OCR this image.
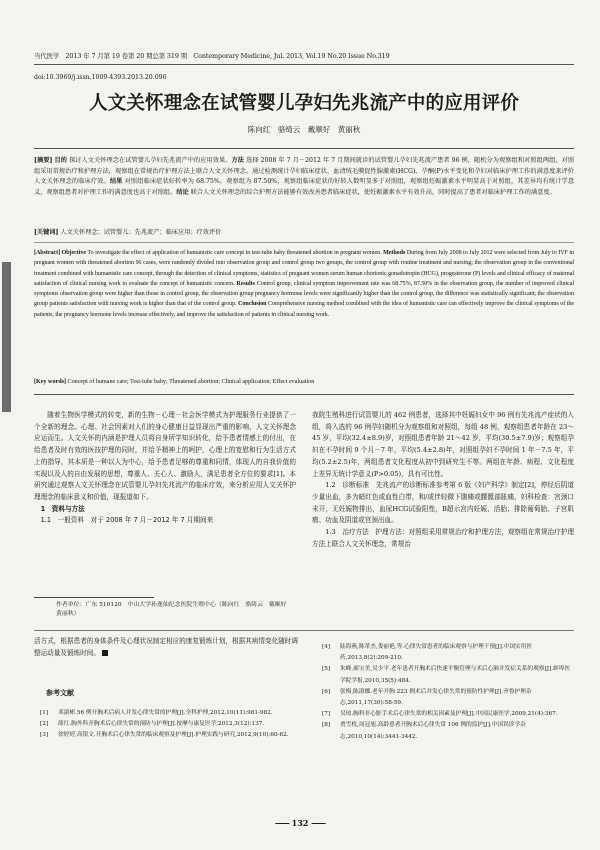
当代医学　2013 年 7 月第 19 卷第 20 期总第 319 期　Contemporary Medicine, Jul. 2013, Vol.19 No.20 Issue No.319
doi:10.3969/j.issn.1009-4393.2013.20.096
人文关怀理念在试管婴儿孕妇先兆流产中的应用评价
陈向红　骆绮云　戴顺好　黄丽秋
[摘要] 目的 探讨人文关怀理念在试管婴儿孕妇先兆流产中的应用效果。方法 选择 2008 年 7 月－2012 年 7 月期间就诊的试管婴儿孕妇先兆流产患者 96 例，随机分为观察组和对照组两组，对照组采用常规治疗和护理方法，观察组在常规治疗护理方法上联合人文关怀理念。通过检测统计孕妇临床症状、血清绒毛膜促性腺激素(HCG)、孕酮(P)水平变化和孕妇对临床护理工作的满意度来评价人文关怀理念的临床疗效。结果 对照组临床症状好转率为 68.75%，观察组为 87.50%，观察组临床症状的好转人数明显多于对照组，观察组妊娠激素水平明显高于对照组，其差异均有统计学意义，观察组患者对护理工作的满意度也高于对照组。结论 联合人文关怀理念的综合护理方法能够有效改善患者临床症状，使妊娠激素水平有效升高，同时提高了患者对临床护理工作的满意度。
[关键词] 人文关怀理念；试管婴儿；先兆流产；临床应用；疗效评价
[Abstract] Objective To investigate the effect of application of humanistic care concept in test-tube baby threatened abortion in pregnant women. Methods During from July 2008 to July 2012 were selected from July to IVF in pregnant women with threatened abortion 96 cases, were randomly divided into observation group and control group two groups, the control group with routine treatment and nursing; the observation group in the conventional treatment combined with humanistic care concept, through the detection of clinical symptoms, statistics of pregnant women serum human chorionic gonadotropin (HCG), progesterone (P) levels and clinical efficacy of maternal satisfaction of clinical nursing work to evaluate the concept of humanistic concern. Results Control group, clinical symptom improvement rate was 68.75%, 87.50% in the observation group, the number of improved clinical symptoms observation group were higher than those in control group, the observation group pregnancy hormone levels were significantly higher than the control group, the difference was statistically significant; the observation group patients satisfaction with nursing work is higher than that of the control group. Conclusion Comprehensive nursing method combined with the idea of humanistic care can effectively improve the clinical symptoms of the patients, the pregnancy hormone levels increase effectively, and improve the satisfaction of patients in clinical nursing work.
[Key words] Concept of humane care; Test-tube baby; Threatened abortion; Clinical application; Effect evaluation

随着生物医学模式的转变，新的生物－心理－社会医学模式为护理服务行业提供了一个全新的理念。心理、社会因素对人们的身心健康日益显现出严重的影响，人文关怀理念应运而生。人文关怀的内涵是护理人员将自身所学知识转化，给予患者情感上的付出，在给患者及时有效的医技护理的同时，并给予精神上的呵护，心理上的宽慰和行为生活方式上的指导，其本质是一种以人为中心，给予患者足够的尊重和同情，体现人的自我价值的实现以及人的自由发展的思想，尊重人、关心人、激励人，满足患者全方位的要求[1]。本研究通过观察人文关怀理念在试管婴儿孕妇先兆流产的临床疗效，来分析应用人文关怀护理理念的临床意义和价值，现报道如下。

1　资料与方法

1.1　一般资料　对于 2008 年 7 月－2012 年 7 月期间来

我院生殖科进行试管婴儿的 462 例患者，选择其中妊娠妇女中 96 例有先兆流产症状的入组，将入选的 96 例孕妇随机分为观察组和对照组，每组 48 例，观察组患者年龄在 23～45 岁，平均(32.4±8.9)岁，对照组患者年龄 21～42 岁，平均(30.5±7.9)岁；观察组孕妇在不孕时间 9 个月－7 年，平均(5.4±2.8)年，对照组孕妇不孕时间 1 年－7.5 年，平均(5.2±2.5)年，两组患者文化程度从初中到研究生不等。两组在年龄、病程、文化程度上差异无统计学意义(P>0.05)，具有可比性。

1.2　诊断标准　先兆流产的诊断标准参考第 6 版《妇产科学》制定[2]，停经后阴道少量出血，多为暗红色或血性白带，和/或伴轻微下腹痛或腰骶部胀痛，妇科检查：宫颈口未开，无妊娠物排出，血尿HCG试验阳性，B超示宫内妊娠、活胎；排除葡萄胎、子宫肌瘤、功血及阴道或宫颈出血。

1.3　治疗方法　护理方法：对照组采用常规治疗和护理方法，观察组在常规治疗护理方法上联合人文关怀理念，常规治

作者单位：广东 510120　中山大学孙逸仙纪念医院生殖中心（陈向红　骆绮云　戴顺好　黄丽秋）
活方式，根据患者的身体条件及心理状况制定相应的康复锻炼计划，根据其病情变化随时调整运动量及锻炼时间。
参考文献
[1]	邓淑彬.56 例开胸术后病人并发心律失常的护理[J].全科护理,2012,10(11):981-982.
[2]	薛红.胸外科开胸术后心律失常的预防与护理[J].按摩与康复医学,2012,3(12):137.
[3]	徐婷婷,高银文.开胸术后心律失常的临床观察及护理[J].护理实践与研究,2012,9(10):60-62.
[4]	陆海燕,陈革杰,娄丽艳,等.心律失常患者的临床观察与护理干预[J].中国实用医药,2013,8(2):209-210.
[5]	朱峰,郝宝美,吴少平.老年患者开胸术后快速平衡管理与术后心肺并发症关系的观察[J].蚌埠医学院学报,2010,35(5):484.
[6]	张梅,陈淑娜.老年开胸 223 例术后并发心律失常的预防性护理[J].齐鲁护理杂志,2011,17(30):58-59.
[7]	吴琼.胸科非心脏手术后心律失常的相关因素及护理[J].中国民康医学,2009,21(4):367.
[8]	贾雪枚,周冠旭.高龄患者开胸术后心律失常 106 例的监护[J].中国误诊学杂志,2010,10(14):3441-3442.
—— 132 ——
